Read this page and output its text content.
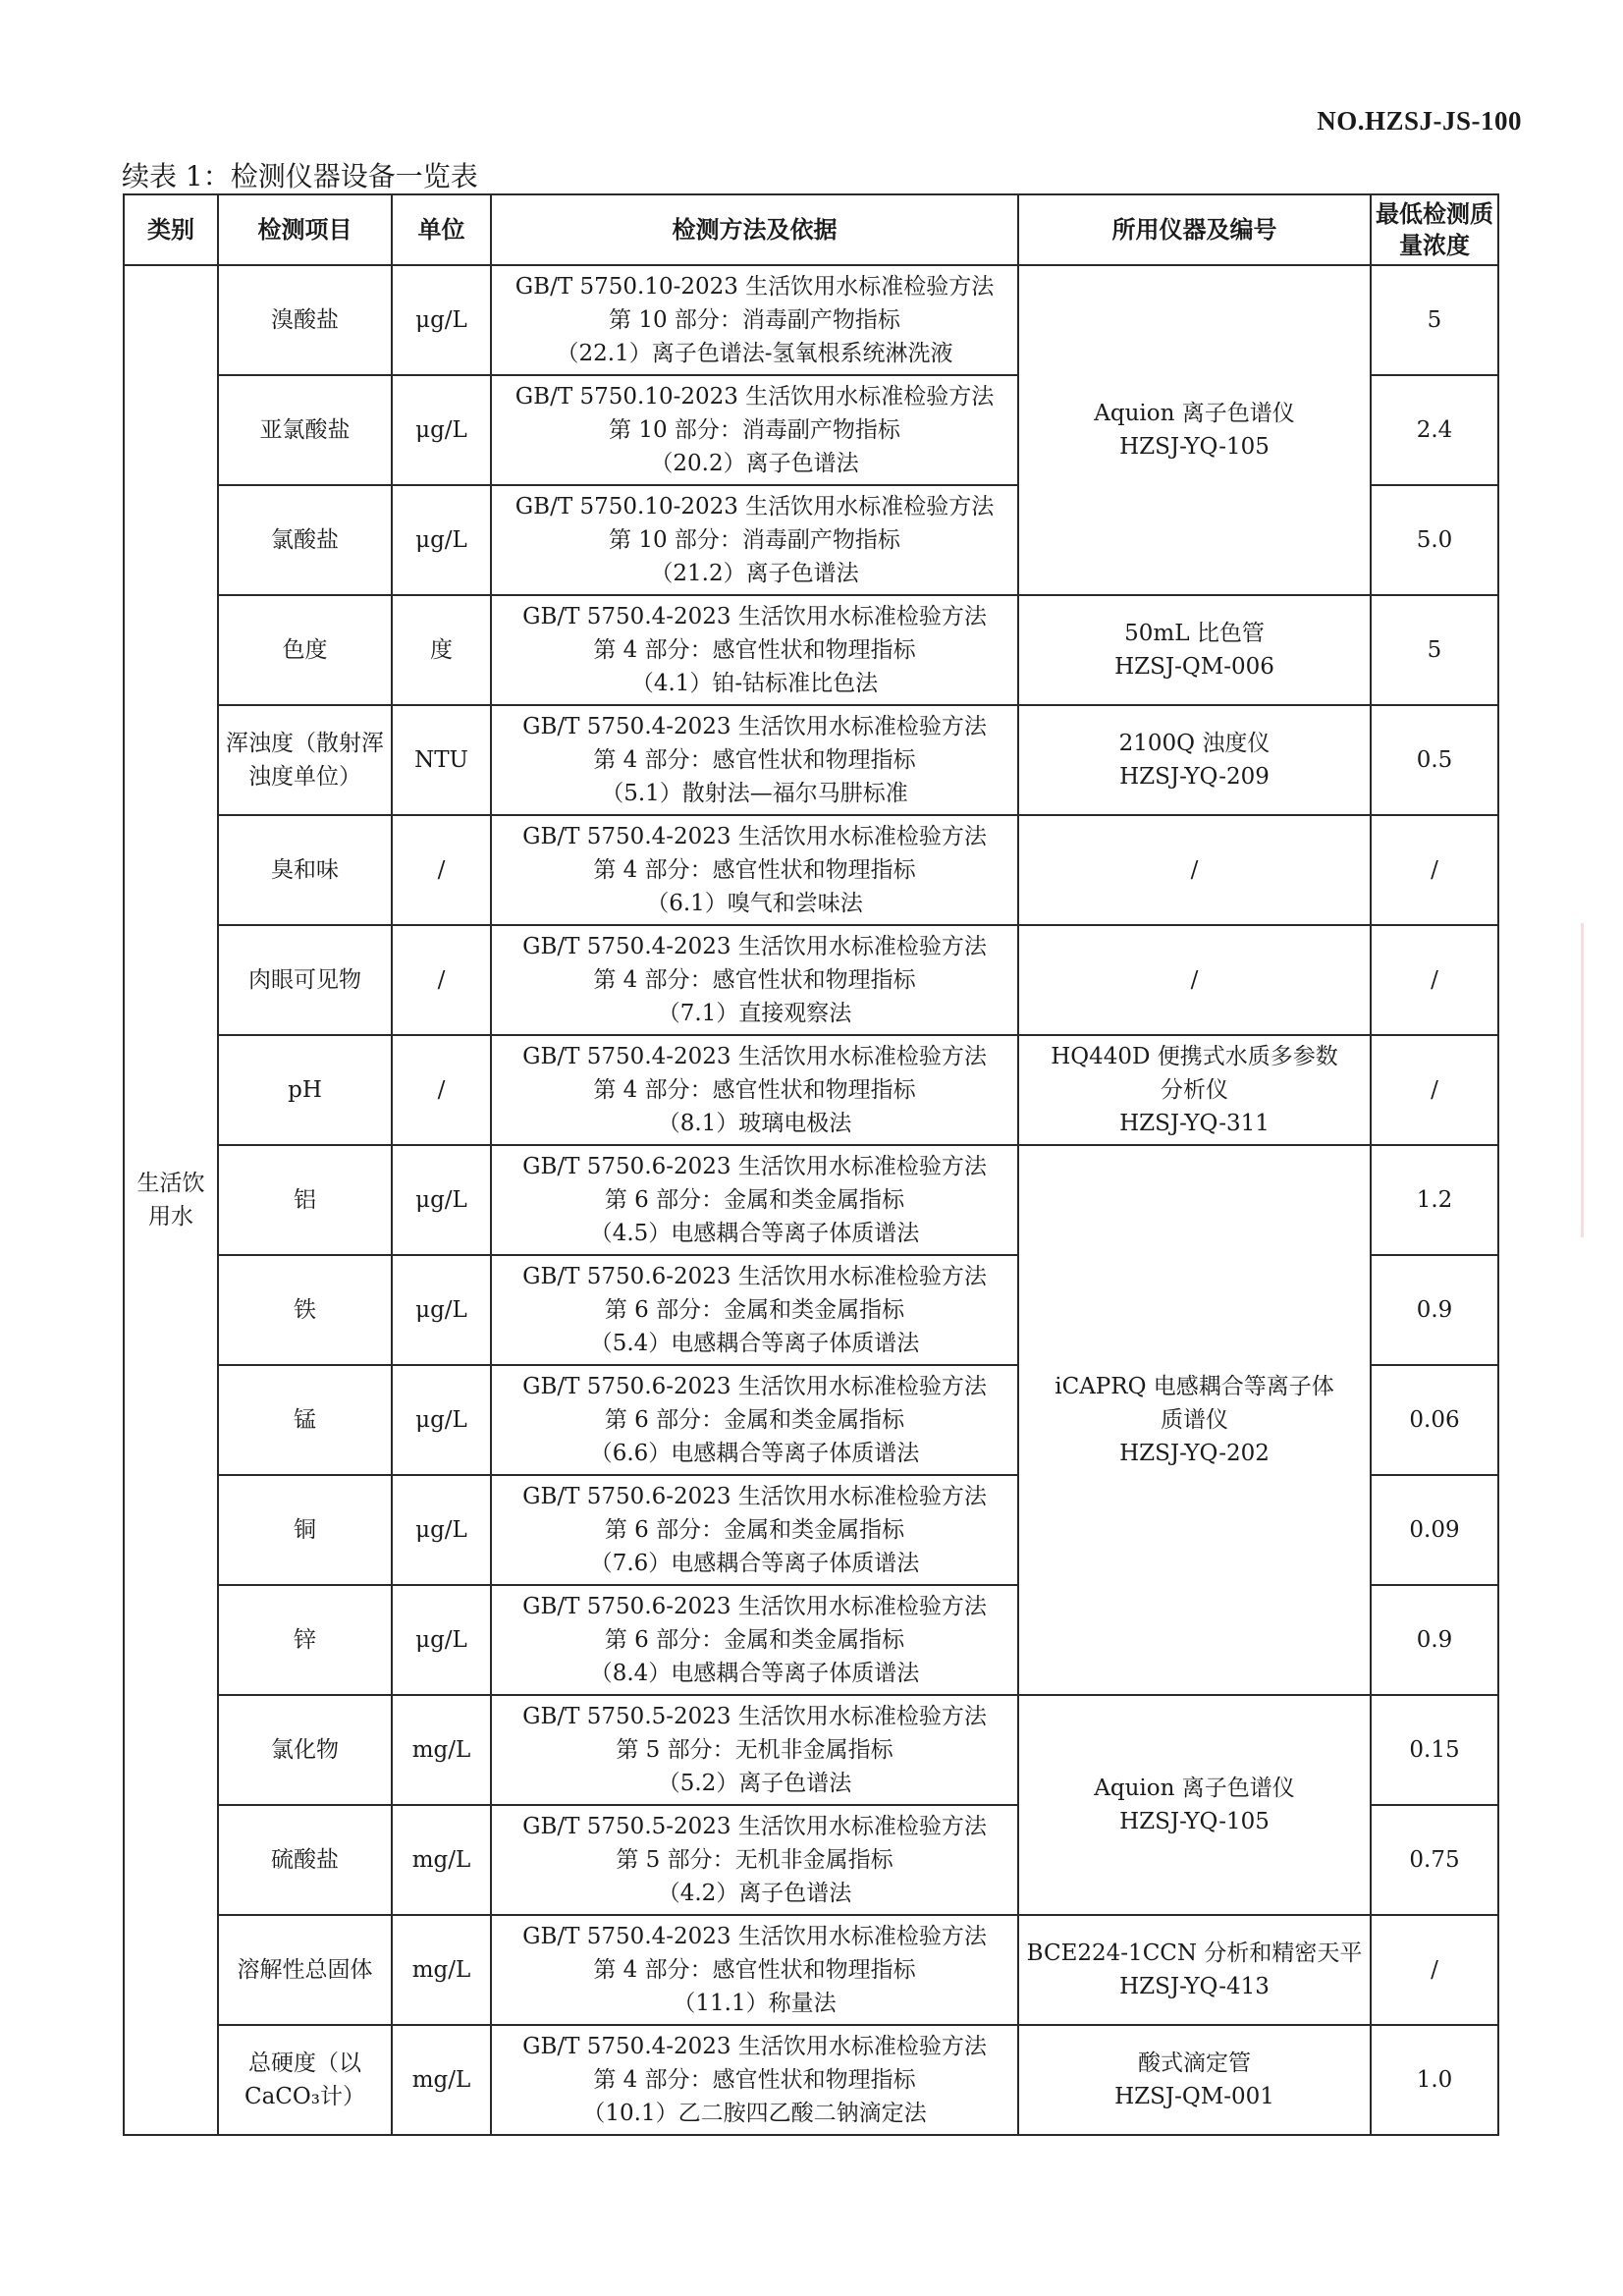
NO.HZSJ-JS-100
续表 1：检测仪器设备一览表
类别	检测项目	单位	检测方法及依据	所用仪器及编号	最低检测质量浓度
生活饮用水	溴酸盐	μg/L	GB/T 5750.10-2023 生活饮用水标准检验方法
第 10 部分：消毒副产物指标
（22.1）离子色谱法-氢氧根系统淋洗液	Aquion 离子色谱仪
HZSJ-YQ-105	5
	亚氯酸盐	μg/L	GB/T 5750.10-2023 生活饮用水标准检验方法
第 10 部分：消毒副产物指标
（20.2）离子色谱法		2.4
	氯酸盐	μg/L	GB/T 5750.10-2023 生活饮用水标准检验方法
第 10 部分：消毒副产物指标
（21.2）离子色谱法		5.0
	色度	度	GB/T 5750.4-2023 生活饮用水标准检验方法
第 4 部分：感官性状和物理指标
（4.1）铂-钴标准比色法	50mL 比色管
HZSJ-QM-006	5
	浑浊度（散射浑浊度单位）	NTU	GB/T 5750.4-2023 生活饮用水标准检验方法
第 4 部分：感官性状和物理指标
（5.1）散射法—福尔马肼标准	2100Q 浊度仪
HZSJ-YQ-209	0.5
	臭和味	/	GB/T 5750.4-2023 生活饮用水标准检验方法
第 4 部分：感官性状和物理指标
（6.1）嗅气和尝味法	/	/
	肉眼可见物	/	GB/T 5750.4-2023 生活饮用水标准检验方法
第 4 部分：感官性状和物理指标
（7.1）直接观察法	/	/
	pH	/	GB/T 5750.4-2023 生活饮用水标准检验方法
第 4 部分：感官性状和物理指标
（8.1）玻璃电极法	HQ440D 便携式水质多参数
分析仪
HZSJ-YQ-311	/
	铝	μg/L	GB/T 5750.6-2023 生活饮用水标准检验方法
第 6 部分：金属和类金属指标
（4.5）电感耦合等离子体质谱法	iCAPRQ 电感耦合等离子体
质谱仪
HZSJ-YQ-202	1.2
	铁	μg/L	GB/T 5750.6-2023 生活饮用水标准检验方法
第 6 部分：金属和类金属指标
（5.4）电感耦合等离子体质谱法		0.9
	锰	μg/L	GB/T 5750.6-2023 生活饮用水标准检验方法
第 6 部分：金属和类金属指标
（6.6）电感耦合等离子体质谱法		0.06
	铜	μg/L	GB/T 5750.6-2023 生活饮用水标准检验方法
第 6 部分：金属和类金属指标
（7.6）电感耦合等离子体质谱法		0.09
	锌	μg/L	GB/T 5750.6-2023 生活饮用水标准检验方法
第 6 部分：金属和类金属指标
（8.4）电感耦合等离子体质谱法		0.9
	氯化物	mg/L	GB/T 5750.5-2023 生活饮用水标准检验方法
第 5 部分：无机非金属指标
（5.2）离子色谱法	Aquion 离子色谱仪
HZSJ-YQ-105	0.15
	硫酸盐	mg/L	GB/T 5750.5-2023 生活饮用水标准检验方法
第 5 部分：无机非金属指标
（4.2）离子色谱法		0.75
	溶解性总固体	mg/L	GB/T 5750.4-2023 生活饮用水标准检验方法
第 4 部分：感官性状和物理指标
（11.1）称量法	BCE224-1CCN 分析和精密天平
HZSJ-YQ-413	/
	总硬度（以 CaCO₃计）	mg/L	GB/T 5750.4-2023 生活饮用水标准检验方法
第 4 部分：感官性状和物理指标
（10.1）乙二胺四乙酸二钠滴定法	酸式滴定管
HZSJ-QM-001	1.0
